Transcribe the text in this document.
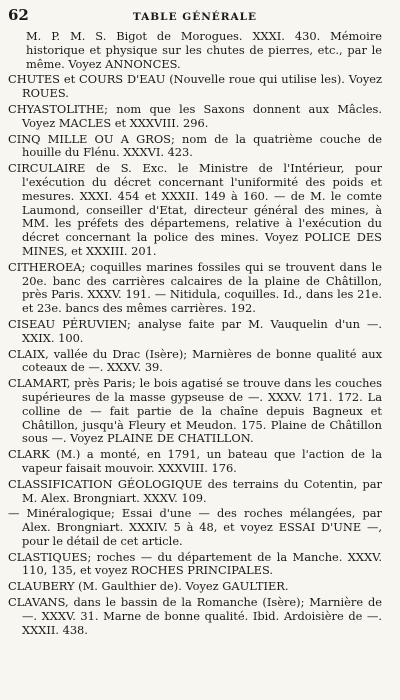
62	TABLE GÉNÉRALE

M. P. M. S. Bigot de Morogues. XXXI. 430. Mémoire historique et physique sur les chutes de pierres, etc., par le même. Voyez ANNONCES.

CHUTES et COURS D'EAU (Nouvelle roue qui utilise les). Voyez ROUES.

CHYASTOLITHE; nom que les Saxons donnent aux Mâcles. Voyez MACLES et XXXVIII. 296.

CINQ MILLE OU A GROS; nom de la quatrième couche de houille du Flénu. XXXVI. 423.

CIRCULAIRE de S. Exc. le Ministre de l'Intérieur, pour l'exécution du décret concernant l'uniformité des poids et mesures. XXXI. 454 et XXXII. 149 à 160. — de M. le comte Laumond, conseiller d'Etat, directeur général des mines, à MM. les préfets des départemens, relative à l'exécution du décret concernant la police des mines. Voyez POLICE DES MINES, et XXXIII. 201.

CITHEROEA; coquilles marines fossiles qui se trouvent dans le 20e. banc des carrières calcaires de la plaine de Châtillon, près Paris. XXXV. 191. — Nitidula, coquilles. Id., dans les 21e. et 23e. bancs des mêmes carrières. 192.

CISEAU PÉRUVIEN; analyse faite par M. Vauquelin d'un —. XXIX. 100.

CLAIX, vallée du Drac (Isère); Marnières de bonne qualité aux coteaux de —. XXXV. 39.

CLAMART, près Paris; le bois agatisé se trouve dans les couches supérieures de la masse gypseuse de —. XXXV. 171. 172. La colline de — fait partie de la chaîne depuis Bagneux et Châtillon, jusqu'à Fleury et Meudon. 175. Plaine de Châtillon sous —. Voyez PLAINE DE CHATILLON.

CLARK (M.) a monté, en 1791, un bateau que l'action de la vapeur faisait mouvoir. XXXVIII. 176.

CLASSIFICATION GÉOLOGIQUE des terrains du Cotentin, par M. Alex. Brongniart. XXXV. 109.

— Minéralogique; Essai d'une — des roches mélangées, par Alex. Brongniart. XXXIV. 5 à 48, et voyez ESSAI D'UNE —, pour le détail de cet article.

CLASTIQUES; roches — du département de la Manche. XXXV. 110, 135, et voyez ROCHES PRINCIPALES.

CLAUBERY (M. Gaulthier de). Voyez GAULTIER.

CLAVANS, dans le bassin de la Romanche (Isère); Marnière de —. XXXV. 31. Marne de bonne qualité. Ibid. Ardoisière de —. XXXII. 438.
